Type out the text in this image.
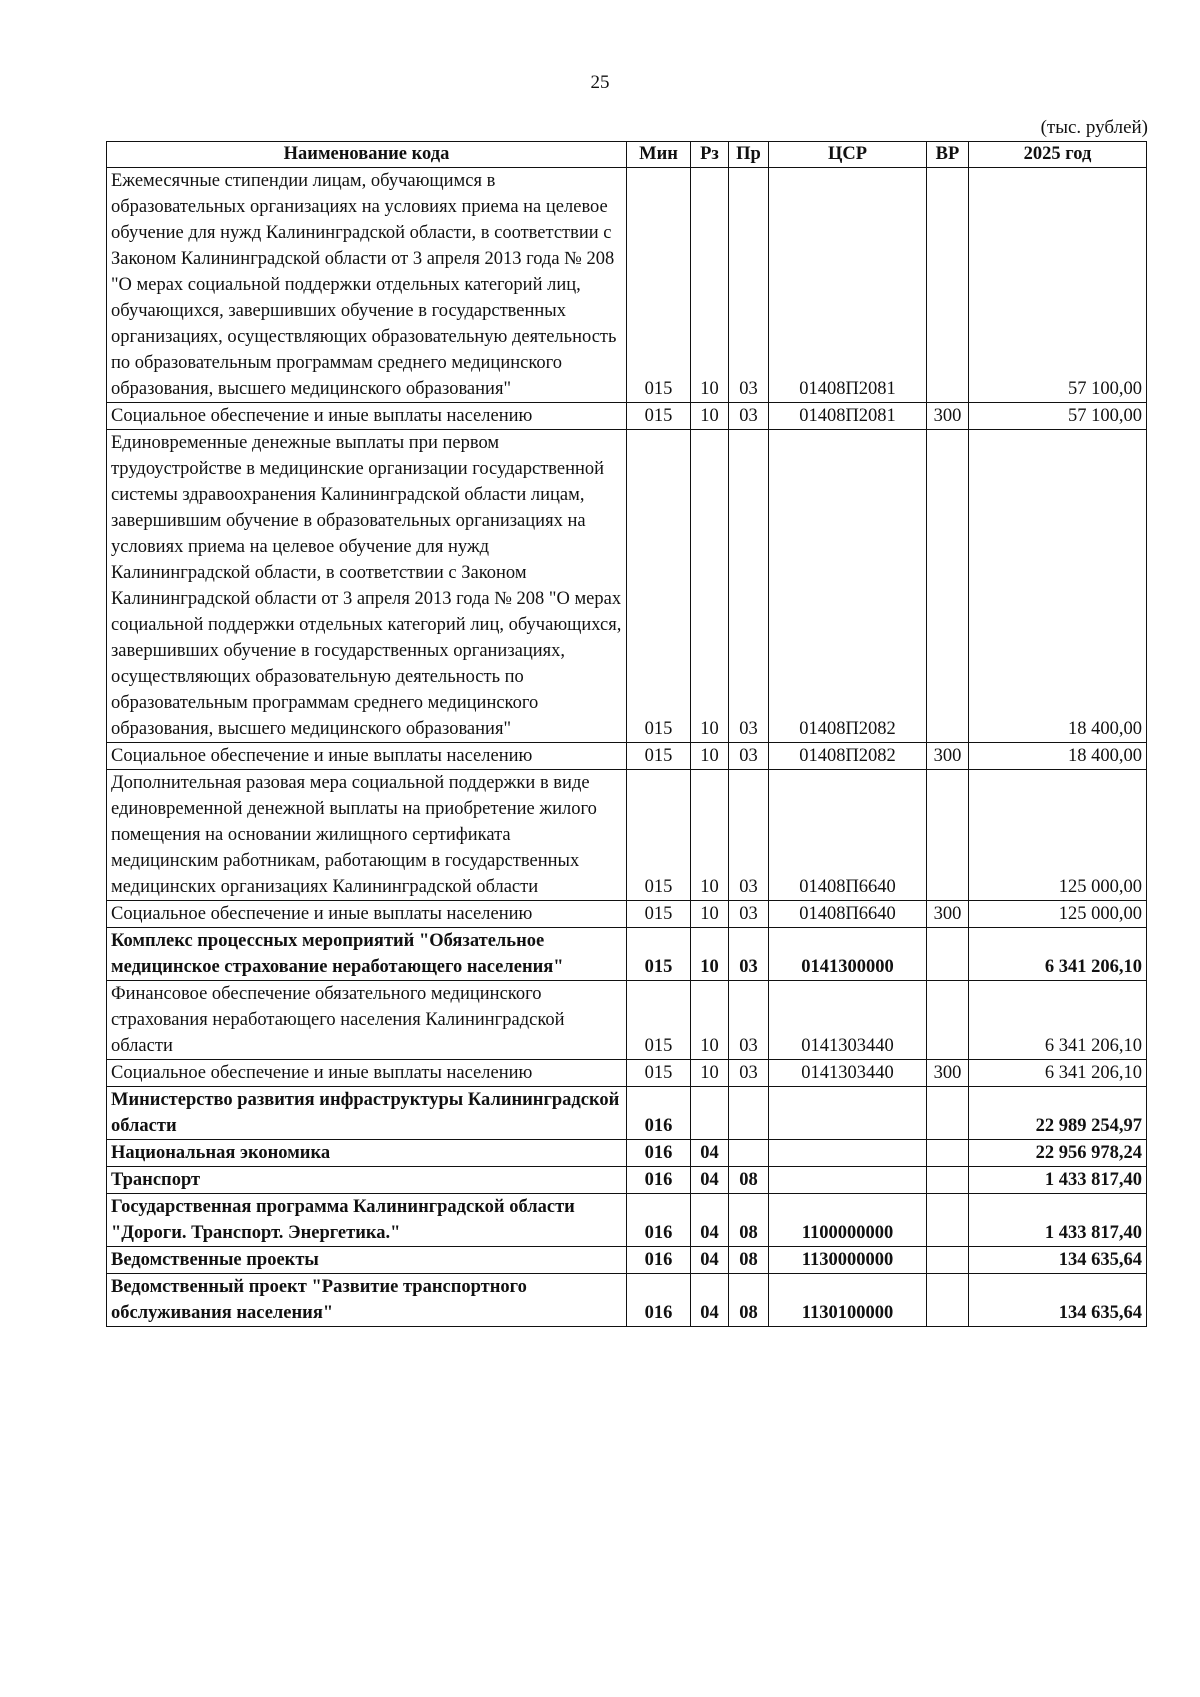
25
(тыс. рублей)
Наименование кода	Мин	Рз	Пр	ЦСР	ВР	2025 год
Ежемесячные стипендии лицам, обучающимся в образовательных организациях на условиях приема на целевое обучение для нужд Калининградской области, в соответствии с Законом Калининградской области от 3 апреля 2013 года № 208 "О мерах социальной поддержки отдельных категорий лиц, обучающихся, завершивших обучение в государственных организациях, осуществляющих образовательную деятельность по образовательным программам среднего медицинского образования, высшего медицинского образования"	015	10	03	01408П2081		57 100,00
Социальное обеспечение и иные выплаты населению	015	10	03	01408П2081	300	57 100,00
Единовременные денежные выплаты при первом трудоустройстве в медицинские организации государственной системы здравоохранения Калининградской области лицам, завершившим обучение в образовательных организациях на условиях приема на целевое обучение для нужд Калининградской области, в соответствии с Законом Калининградской области от 3 апреля 2013 года № 208 "О мерах социальной поддержки отдельных категорий лиц, обучающихся, завершивших обучение в государственных организациях, осуществляющих образовательную деятельность по образовательным программам среднего медицинского образования, высшего медицинского образования"	015	10	03	01408П2082		18 400,00
Социальное обеспечение и иные выплаты населению	015	10	03	01408П2082	300	18 400,00
Дополнительная разовая мера социальной поддержки в виде единовременной денежной выплаты на приобретение жилого помещения на основании жилищного сертификата медицинским работникам, работающим в государственных медицинских организациях Калининградской области	015	10	03	01408П6640		125 000,00
Социальное обеспечение и иные выплаты населению	015	10	03	01408П6640	300	125 000,00
Комплекс процессных мероприятий "Обязательное медицинское страхование неработающего населения"	015	10	03	0141300000		6 341 206,10
Финансовое обеспечение обязательного медицинского страхования неработающего населения Калининградской области	015	10	03	0141303440		6 341 206,10
Социальное обеспечение и иные выплаты населению	015	10	03	0141303440	300	6 341 206,10
Министерство развития инфраструктуры Калининградской области	016					22 989 254,97
Национальная экономика	016	04				22 956 978,24
Транспорт	016	04	08			1 433 817,40
Государственная программа Калининградской области "Дороги. Транспорт. Энергетика."	016	04	08	1100000000		1 433 817,40
Ведомственные проекты	016	04	08	1130000000		134 635,64
Ведомственный проект "Развитие транспортного обслуживания населения"	016	04	08	1130100000		134 635,64
